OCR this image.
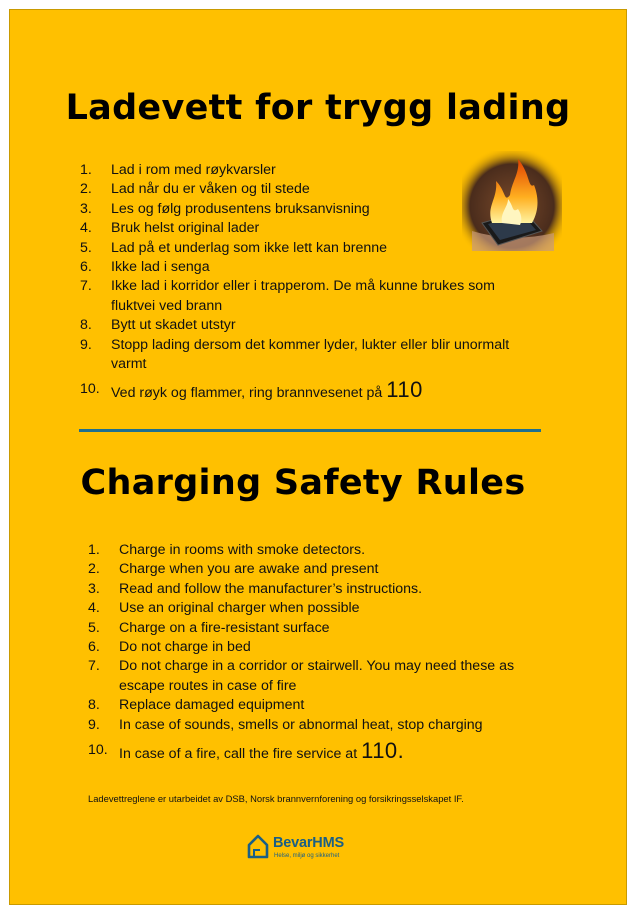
Ladevett for trygg lading
1.	Lad i rom med røykvarsler
2.	Lad når du er våken og til stede
3.	Les og følg produsentens bruksanvisning
4.	Bruk helst original lader
5.	Lad på et underlag som ikke lett kan brenne
6.	Ikke lad i senga
7.	Ikke lad i korridor eller i trapperom. De må kunne brukes som fluktvei ved brann
8.	Bytt ut skadet utstyr
9.	Stopp lading dersom det kommer lyder, lukter eller blir unormalt varmt
10. Ved røyk og flammer, ring brannvesenet på 110
Charging Safety Rules
1.	Charge in rooms with smoke detectors.
2.	Charge when you are awake and present
3.	Read and follow the manufacturer’s instructions.
4.	Use an original charger when possible
5.	Charge on a fire-resistant surface
6.	Do not charge in bed
7.	Do not charge in a corridor or stairwell. You may need these as escape routes in case of fire
8.	Replace damaged equipment
9.	In case of sounds, smells or abnormal heat, stop charging
10. In case of a fire, call the fire service at 110.

Ladevettreglene er utarbeidet av DSB, Norsk brannvernforening og forsikringsselskapet IF.

BevarHMS
Helse, miljø og sikkerhet
